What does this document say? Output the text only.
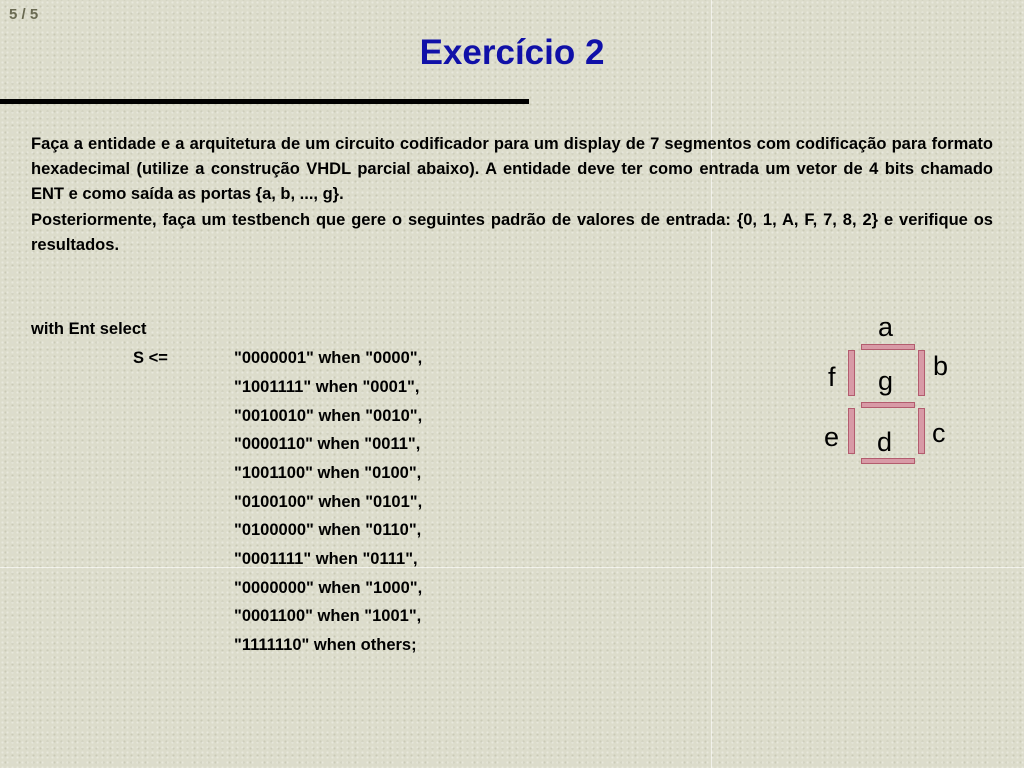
5 / 5
Exercício 2

Faça a entidade e a arquitetura de um circuito codificador para um display de 7 segmentos com codificação para formato hexadecimal (utilize a construção VHDL parcial abaixo). A entidade deve ter como entrada um vetor de 4 bits chamado ENT e como saída as portas {a, b, ..., g}.

Posteriormente, faça um testbench que gere o seguintes padrão de valores de entrada: {0, 1, A, F, 7, 8, 2} e verifique os resultados.

with Ent select
S <=	"0000001" when "0000",
"1001111" when "0001",
"0010010" when "0010",
"0000110" when "0011",
"1001100" when "0100",
"0100100" when "0101",
"0100000" when "0110",
"0001111" when "0111",
"0000000" when "1000",
"0001100" when "1001",
"1111110" when others;
a
b
c
d
e
f g
